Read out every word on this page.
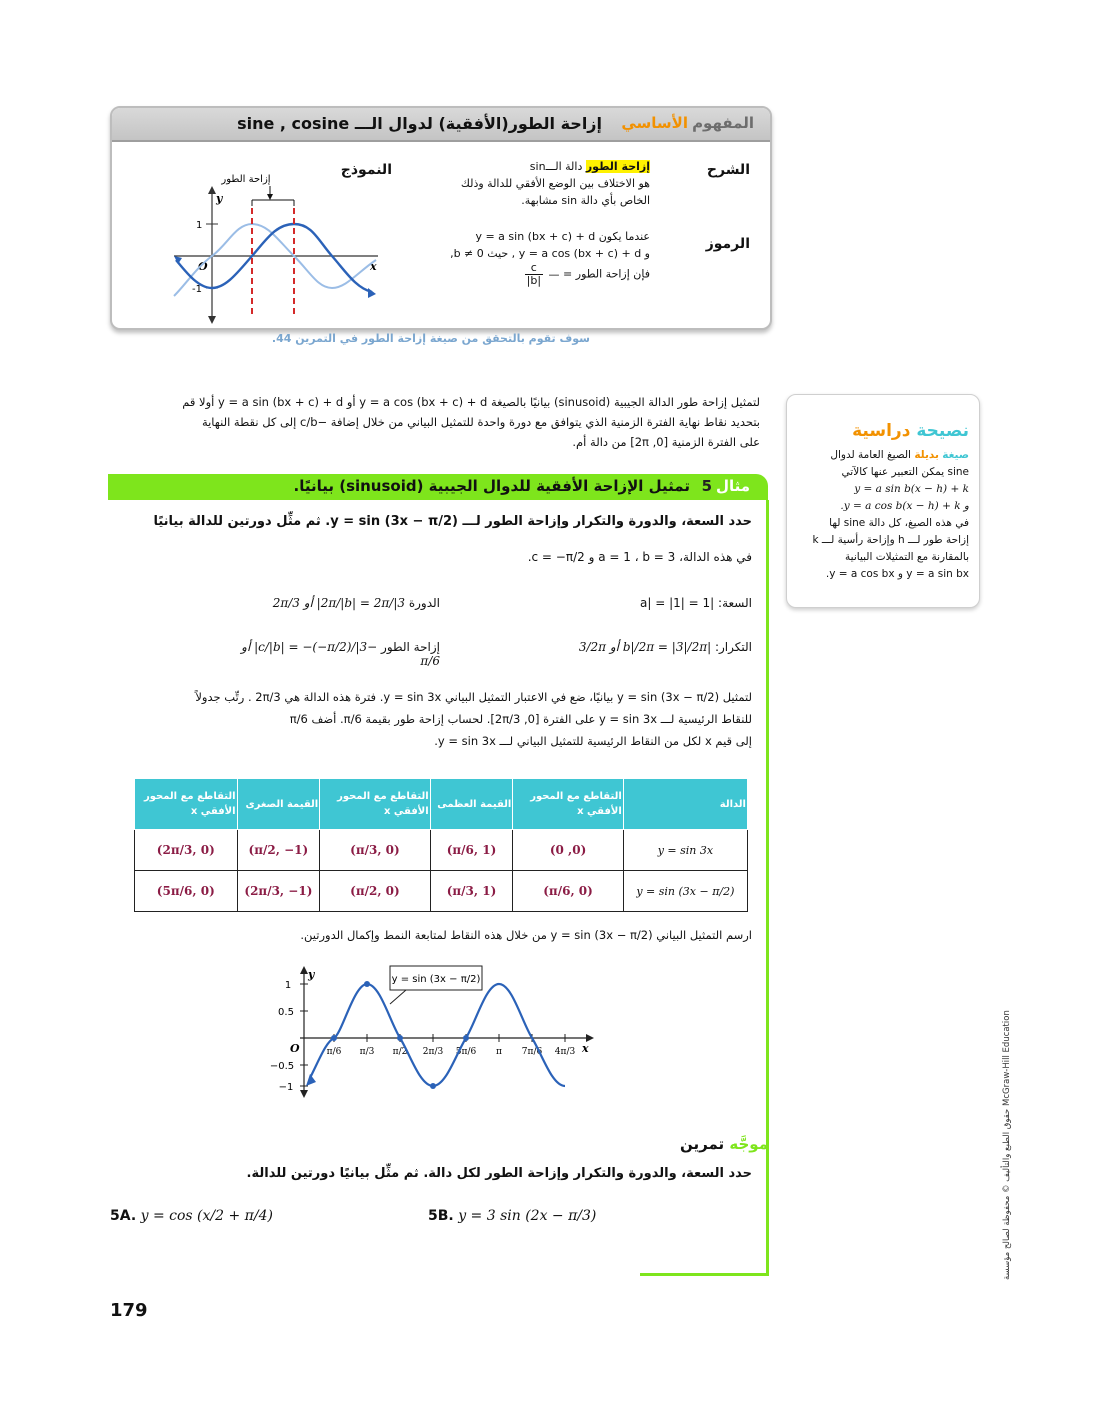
المفهوم
الأساسي
إزاحة الطور(الأفقية) لدوال الـــ sine , cosine
الشرح
النموذج
الرموز
إزاحة الطور دالة الـــsin
هو الاختلاف بين الوضع الأفقي للدالة وذلك
الخاص بأي دالة sin مشابهة.
عندما يكون y = a sin (bx + c) + d
و y = a cos (bx + c) + d , حيث b ≠ 0,
فإن إزاحة الطور = —
$\frac{c}{|b|}$
إزاحة الطور
y
x
O
1
-1
سوف تقوم بالتحقق من صيغة إزاحة الطور في التمرين 44.
لتمثيل إزاحة طور الدالة الجيبية (sinusoid) بيانيًا بالصيغة y = a cos (bx + c) + d أو y = a sin (bx + c) + d أولا قم
بتحديد نقاط نهاية الفترة الزمنية الذي يتوافق مع دورة واحدة للتمثيل البياني من خلال إضافة −c/b إلى كل نقطة النهاية
على الفترة الزمنية [0, 2π] من دالة أم.
نصيحة دراسية
صيغة بديلة الصيغ العامة لدوال
sine يمكن التعبير عنها كالآتي
y = a sin b(x − h) + k
و y = a cos b(x − h) + k.
في هذه الصيغ، كل دالة sine لها
إزاحة طور لـــ h وإزاحة رأسية لـــ k
بالمقارنة مع التمثيلات البيانية
y = a sin bx و y = a cos bx.
مثال
5
تمثيل الإزاحة الأفقية للدوال الجيبية (sinusoid) بيانيًا.
حدد السعة، والدورة والتكرار وإزاحة الطور لـــ y = sin (3x − π/2). ثم مثِّل دورتين للدالة بيانيًا
في هذه الدالة، a = 1 ، b = 3 و c = −π/2.
السعة: |a| = |1| = 1
الدورة 2π/|b| = 2π/|3| أو 2π/3
التكرار: |b|/2π = |3|/2π أو 3/2π
إزاحة الطور −c/|b| = −(−π/2)/|3| أو π/6
لتمثيل y = sin (3x − π/2) بيانيًا، ضع في الاعتبار التمثيل البياني y = sin 3x. فترة هذه الدالة هي 2π/3 . رتِّب جدولاً
للنقاط الرئيسية لـــ y = sin 3x على الفترة [0, 2π/3]. لحساب إزاحة طور بقيمة π/6. أضف π/6
إلى قيم x لكل من النقاط الرئيسية للتمثيل البياني لـــ y = sin 3x.
الدالة	التقاطع مع المحور الأفقي x	القيمة العظمى	التقاطع مع المحور الأفقي x	القيمة الصغرى	التقاطع مع المحور الأفقي x
y = sin 3x	(0, 0)	(π/6, 1)	(π/3, 0)	(π/2, −1)	(2π/3, 0)
y = sin (3x − π/2)	(π/6, 0)	(π/3, 1)	(π/2, 0)	(2π/3, −1)	(5π/6, 0)
ارسم التمثيل البياني y = sin (3x − π/2) من خلال هذه النقاط لمتابعة النمط وإكمال الدورتين.
1
0.5
−0.5
−1
y
x
O	π/6 π/3 π/2 2π/3 5π/6 π 7π/6 4π/3
y = sin (3x − π/2)
موجَّه تمرين
حدد السعة، والدورة والتكرار وإزاحة الطور لكل دالة. ثم مثِّل بيانيًا دورتين للدالة.
5A. y = cos (x/2 + π/4)	5B. y = 3 sin (2x − π/3)
179
حقوق الطبع والتأليف © محفوظة لصالح مؤسسة McGraw-Hill Education
